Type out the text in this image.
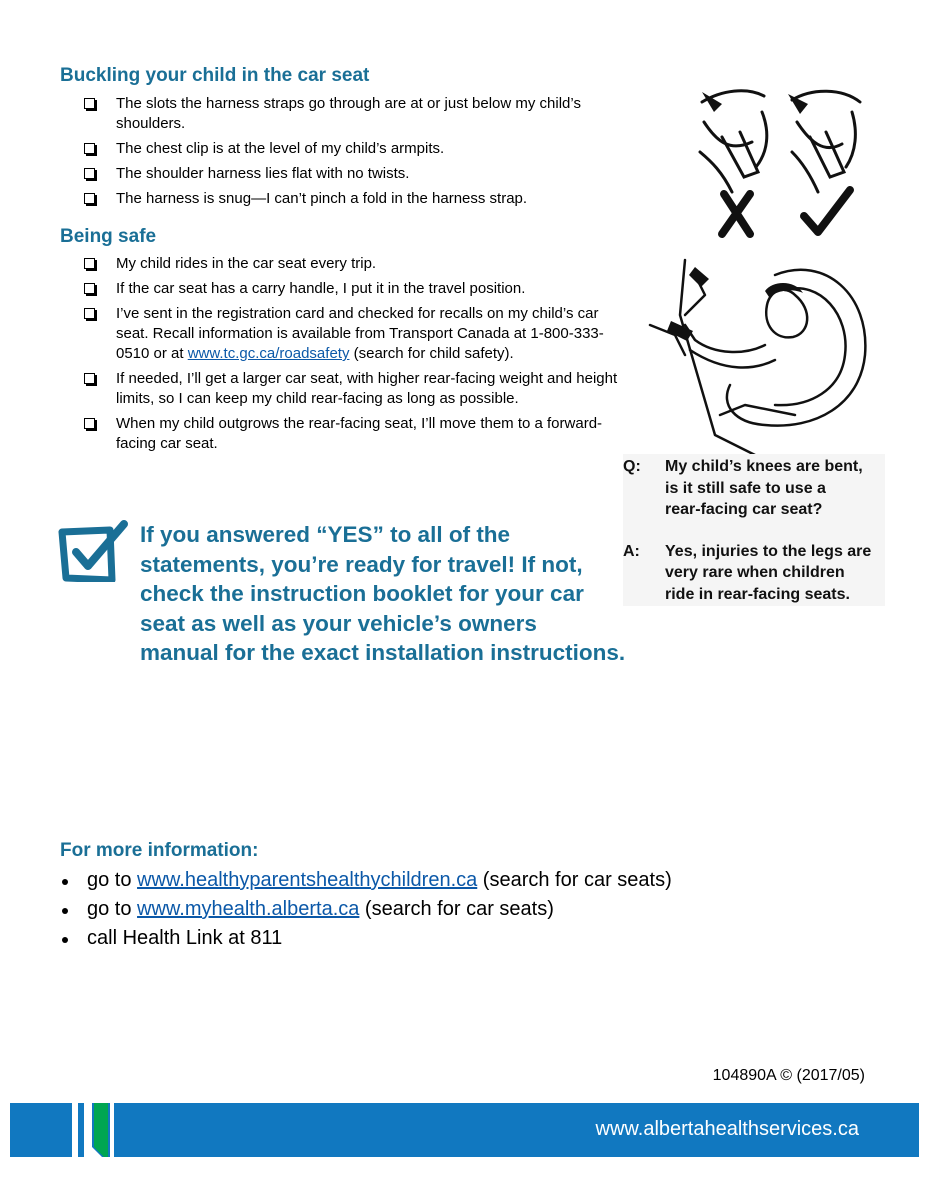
Buckling your child in the car seat
The slots the harness straps go through are at or just below my child’s shoulders.
The chest clip is at the level of my child’s armpits.
The shoulder harness lies flat with no twists.
The harness is snug—I can’t pinch a fold in the harness strap.
Being safe
My child rides in the car seat every trip.
If the car seat has a carry handle, I put it in the travel position.
I’ve sent in the registration card and checked for recalls on my child’s car seat. Recall information is available from Transport Canada at 1-800-333-0510 or at www.tc.gc.ca/roadsafety (search for child safety).
If needed, I’ll get a larger car seat, with higher rear-facing weight and height limits, so I can keep my child rear-facing as long as possible.
When my child outgrows the rear-facing seat, I’ll move them to a forward-facing car seat.
Q: My child’s knees are bent,
is it still safe to use a
rear-facing car seat?
A: Yes, injuries to the legs are
very rare when children
ride in rear-facing seats.
If you answered “YES” to all of the
statements, you’re ready for travel! If not,
check the instruction booklet for your car
seat as well as your vehicle’s owners
manual for the exact installation instructions.
For more information:
go to www.healthyparentshealthychildren.ca (search for car seats)
go to www.myhealth.alberta.ca (search for car seats)
call Health Link at 811
104890A © (2017/05)
www.albertahealthservices.ca
